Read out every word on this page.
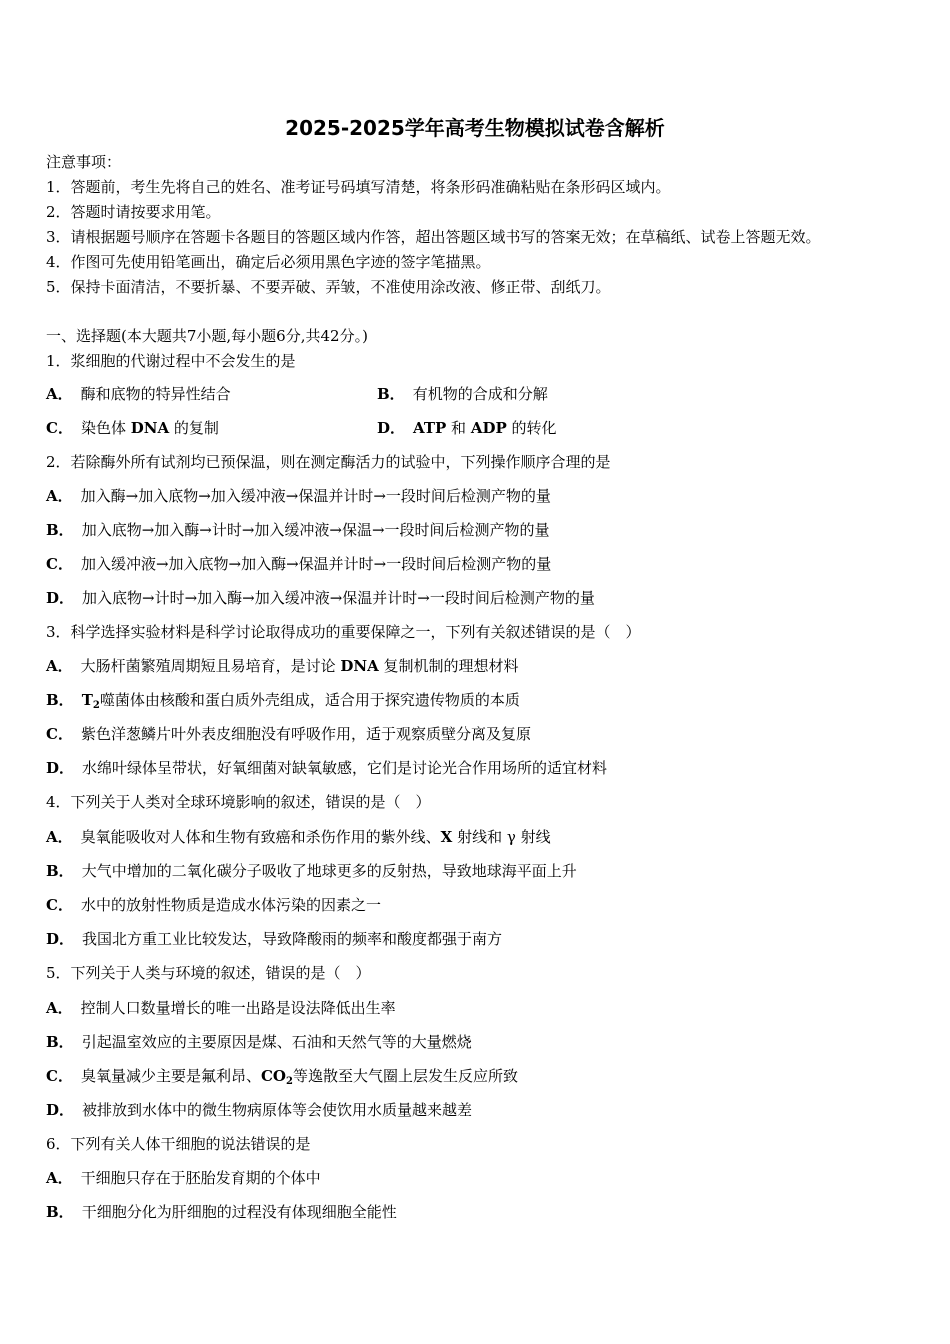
2025-2025学年高考生物模拟试卷含解析
注意事项：
1．答题前，考生先将自己的姓名、准考证号码填写清楚，将条形码准确粘贴在条形码区域内。
2．答题时请按要求用笔。
3．请根据题号顺序在答题卡各题目的答题区域内作答，超出答题区域书写的答案无效；在草稿纸、试卷上答题无效。
4．作图可先使用铅笔画出，确定后必须用黑色字迹的签字笔描黑。
5．保持卡面清洁，不要折暴、不要弄破、弄皱，不准使用涂改液、修正带、刮纸刀。
一、选择题(本大题共7小题,每小题6分,共42分。)
1．浆细胞的代谢过程中不会发生的是
A． 酶和底物的特异性结合	B． 有机物的合成和分解
C． 染色体 DNA 的复制	D． ATP 和 ADP 的转化
2．若除酶外所有试剂均已预保温，则在测定酶活力的试验中，下列操作顺序合理的是
A． 加入酶→加入底物→加入缓冲液→保温并计时→一段时间后检测产物的量
B． 加入底物→加入酶→计时→加入缓冲液→保温→一段时间后检测产物的量
C． 加入缓冲液→加入底物→加入酶→保温并计时→一段时间后检测产物的量
D． 加入底物→计时→加入酶→加入缓冲液→保温并计时→一段时间后检测产物的量
3．科学选择实验材料是科学讨论取得成功的重要保障之一，下列有关叙述错误的是（　）
A． 大肠杆菌繁殖周期短且易培育，是讨论 DNA 复制机制的理想材料
B． $T_2$噬菌体由核酸和蛋白质外壳组成，适合用于探究遗传物质的本质
C． 紫色洋葱鳞片叶外表皮细胞没有呼吸作用，适于观察质壁分离及复原
D． 水绵叶绿体呈带状，好氧细菌对缺氧敏感，它们是讨论光合作用场所的适宜材料
4．下列关于人类对全球环境影响的叙述，错误的是（　）
A． 臭氧能吸收对人体和生物有致癌和杀伤作用的紫外线、X 射线和 γ 射线
B． 大气中增加的二氧化碳分子吸收了地球更多的反射热，导致地球海平面上升
C． 水中的放射性物质是造成水体污染的因素之一
D． 我国北方重工业比较发达，导致降酸雨的频率和酸度都强于南方
5．下列关于人类与环境的叙述，错误的是（　）
A． 控制人口数量增长的唯一出路是设法降低出生率
B． 引起温室效应的主要原因是煤、石油和天然气等的大量燃烧
C． 臭氧量减少主要是氟利昂、$CO_2$等逸散至大气圈上层发生反应所致
D． 被排放到水体中的微生物病原体等会使饮用水质量越来越差
6．下列有关人体干细胞的说法错误的是
A． 干细胞只存在于胚胎发育期的个体中
B． 干细胞分化为肝细胞的过程没有体现细胞全能性
